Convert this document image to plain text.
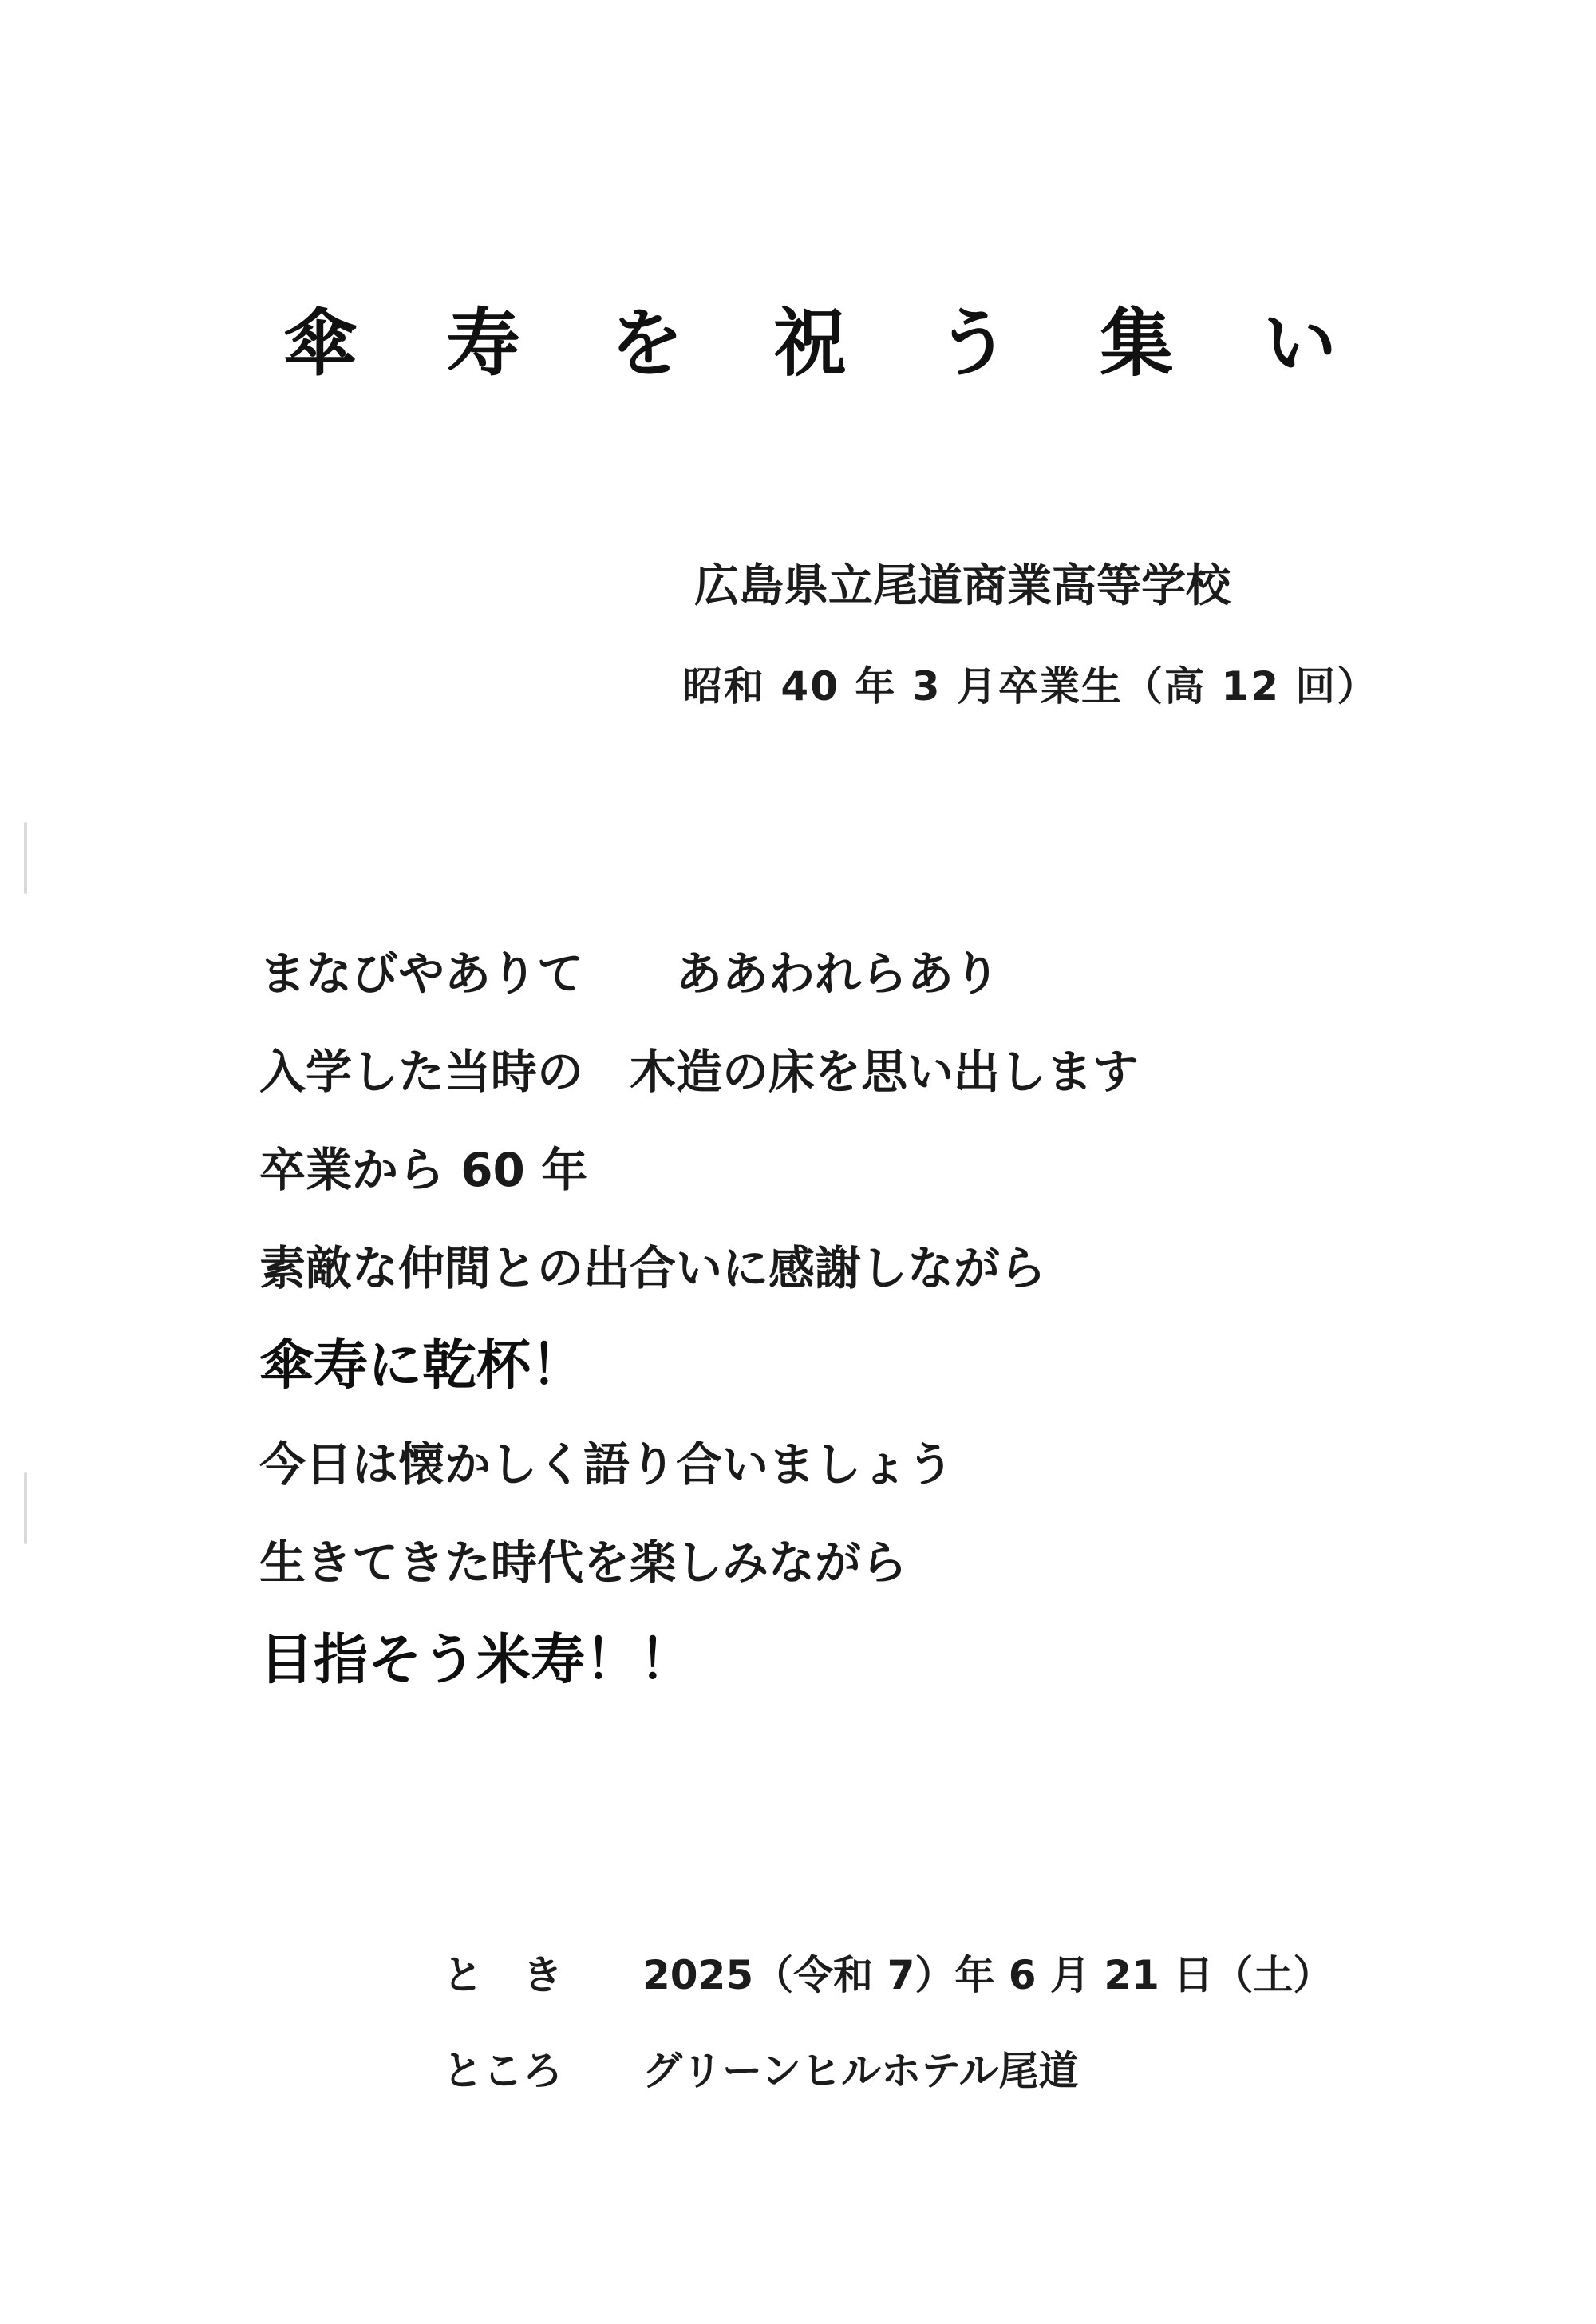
傘 寿 を 祝 う 集 い
広島県立尾道商業高等学校
昭和 40 年 3 月卒業生（高 12 回）
まなびやありて　　ああわれらあり
入学した当時の　木造の床を思い出します
卒業から 60 年
素敵な仲間との出合いに感謝しながら
傘寿に乾杯！
今日は懐かしく語り合いましょう
生きてきた時代を楽しみながら
目指そう米寿！！
と　き	2025（令和 7）年 6 月 21 日（土）
ところ	グリーンヒルホテル尾道
